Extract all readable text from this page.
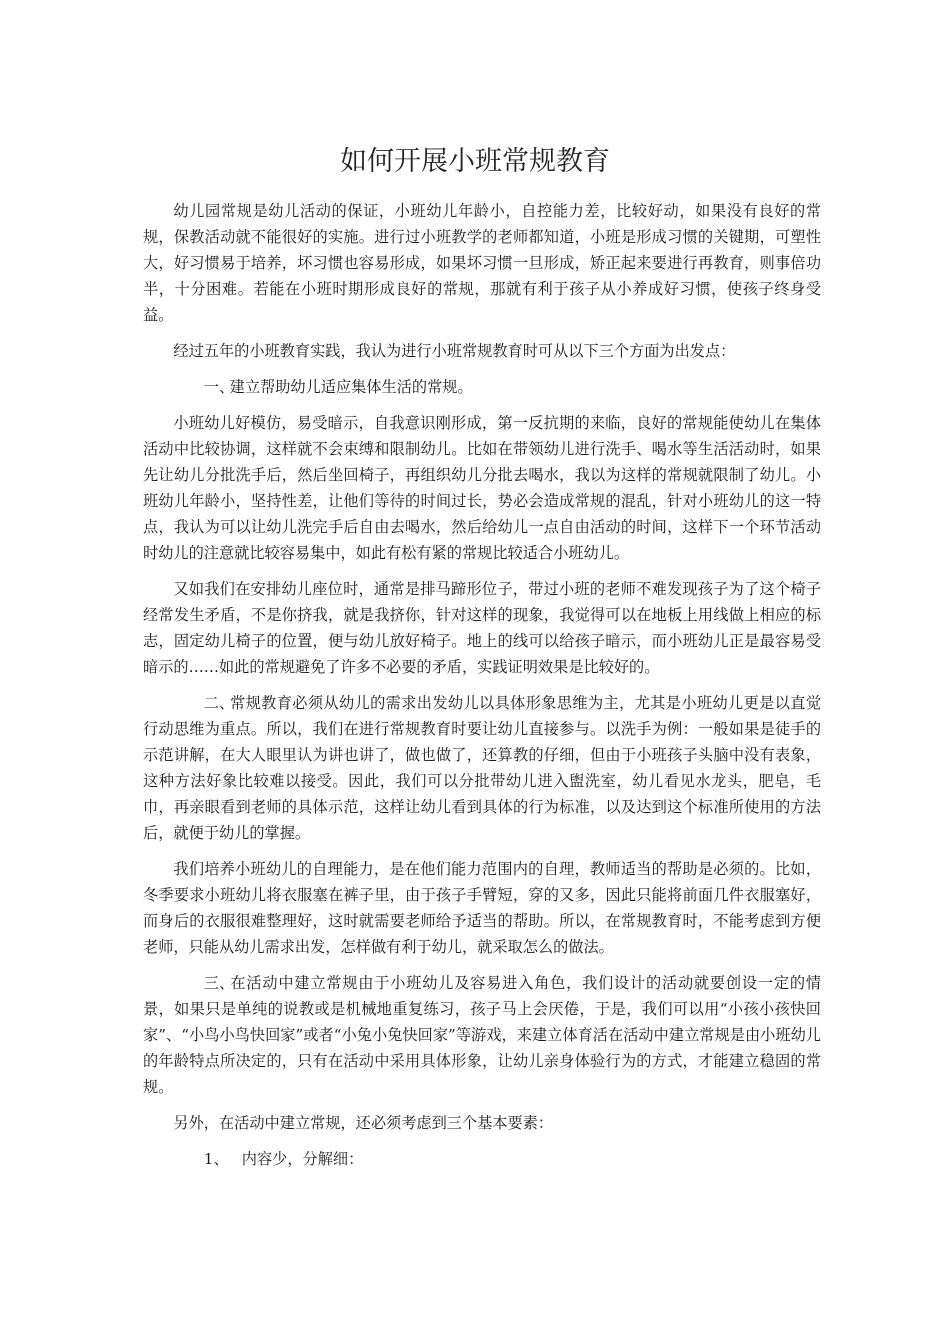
如何开展小班常规教育

幼儿园常规是幼儿活动的保证，小班幼儿年龄小，自控能力差，比较好动，如果没有良好的常规，保教活动就不能很好的实施。进行过小班教学的老师都知道，小班是形成习惯的关键期，可塑性大，好习惯易于培养，坏习惯也容易形成，如果坏习惯一旦形成，矫正起来要进行再教育，则事倍功半，十分困难。若能在小班时期形成良好的常规，那就有利于孩子从小养成好习惯，使孩子终身受益。

经过五年的小班教育实践，我认为进行小班常规教育时可从以下三个方面为出发点：

一、建立帮助幼儿适应集体生活的常规。

小班幼儿好模仿，易受暗示，自我意识刚形成，第一反抗期的来临，良好的常规能使幼儿在集体活动中比较协调，这样就不会束缚和限制幼儿。比如在带领幼儿进行洗手、喝水等生活活动时，如果先让幼儿分批洗手后，然后坐回椅子，再组织幼儿分批去喝水，我以为这样的常规就限制了幼儿。小班幼儿年龄小，坚持性差，让他们等待的时间过长，势必会造成常规的混乱，针对小班幼儿的这一特点，我认为可以让幼儿洗完手后自由去喝水，然后给幼儿一点自由活动的时间，这样下一个环节活动时幼儿的注意就比较容易集中，如此有松有紧的常规比较适合小班幼儿。

又如我们在安排幼儿座位时，通常是排马蹄形位子，带过小班的老师不难发现孩子为了这个椅子经常发生矛盾，不是你挤我，就是我挤你，针对这样的现象，我觉得可以在地板上用线做上相应的标志，固定幼儿椅子的位置，便与幼儿放好椅子。地上的线可以给孩子暗示，而小班幼儿正是最容易受暗示的……如此的常规避免了许多不必要的矛盾，实践证明效果是比较好的。

二、常规教育必须从幼儿的需求出发幼儿以具体形象思维为主，尤其是小班幼儿更是以直觉行动思维为重点。所以，我们在进行常规教育时要让幼儿直接参与。以洗手为例：一般如果是徒手的示范讲解，在大人眼里认为讲也讲了，做也做了，还算教的仔细，但由于小班孩子头脑中没有表象，这种方法好象比较难以接受。因此，我们可以分批带幼儿进入盥洗室，幼儿看见水龙头，肥皂，毛巾，再亲眼看到老师的具体示范，这样让幼儿看到具体的行为标准，以及达到这个标准所使用的方法后，就便于幼儿的掌握。

我们培养小班幼儿的自理能力，是在他们能力范围内的自理，教师适当的帮助是必须的。比如，冬季要求小班幼儿将衣服塞在裤子里，由于孩子手臂短，穿的又多，因此只能将前面几件衣服塞好，而身后的衣服很难整理好，这时就需要老师给予适当的帮助。所以，在常规教育时，不能考虑到方便老师，只能从幼儿需求出发，怎样做有利于幼儿，就采取怎么的做法。

三、在活动中建立常规由于小班幼儿及容易进入角色，我们设计的活动就要创设一定的情景，如果只是单纯的说教或是机械地重复练习，孩子马上会厌倦，于是，我们可以用“小孩小孩快回家”、“小鸟小鸟快回家”或者“小兔小兔快回家”等游戏，来建立体育活在活动中建立常规是由小班幼儿的年龄特点所决定的，只有在活动中采用具体形象，让幼儿亲身体验行为的方式，才能建立稳固的常规。

另外，在活动中建立常规，还必须考虑到三个基本要素：

1、 内容少，分解细：
